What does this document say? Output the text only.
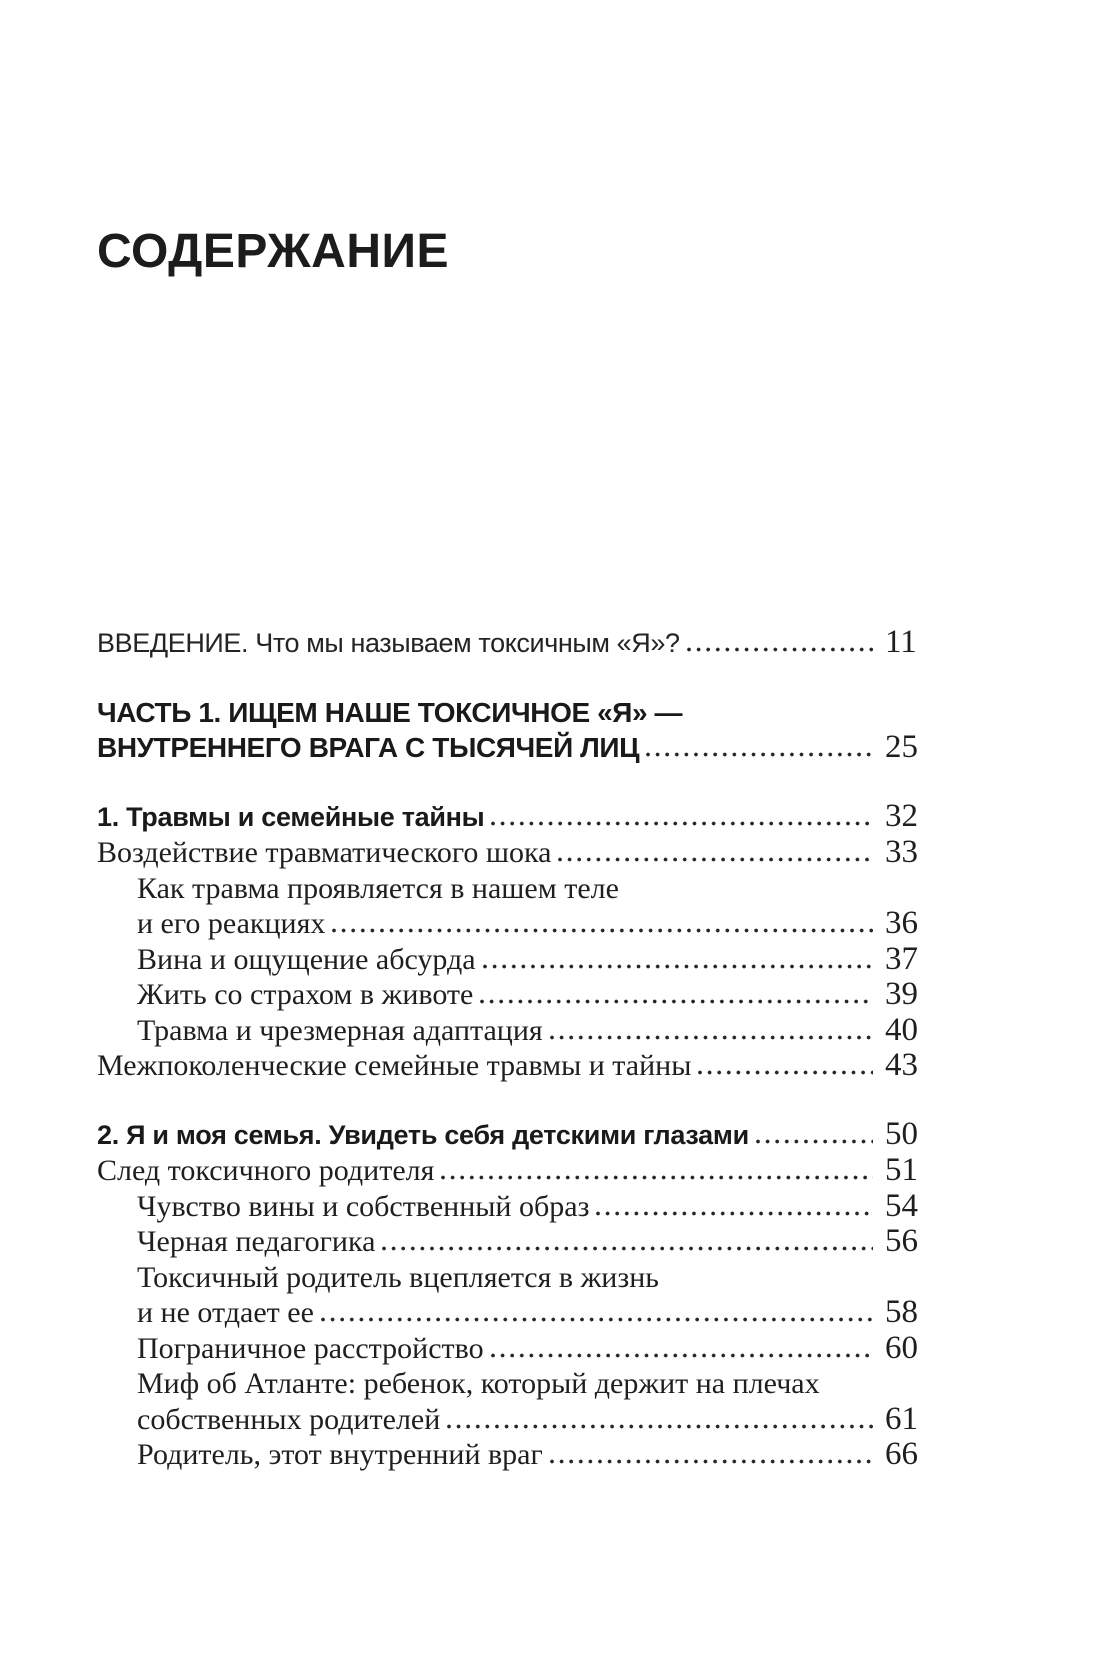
СОДЕРЖАНИЕ
ВВЕДЕНИЕ. Что мы называем токсичным «Я»?	11
ЧАСТЬ 1. ИЩЕМ НАШЕ ТОКСИЧНОЕ «Я» —
ВНУТРЕННЕГО ВРАГА С ТЫСЯЧЕЙ ЛИЦ	25
1. Травмы и семейные тайны	32
Воздействие травматического шока	33
Как травма проявляется в нашем теле
и его реакциях	36
Вина и ощущение абсурда	37
Жить со страхом в животе	39
Травма и чрезмерная адаптация	40
Межпоколенческие семейные травмы и тайны	43
2. Я и моя семья. Увидеть себя детскими глазами	50
След токсичного родителя	51
Чувство вины и собственный образ	54
Черная педагогика	56
Токсичный родитель вцепляется в жизнь
и не отдает ее	58
Пограничное расстройство	60
Миф об Атланте: ребенок, который держит на плечах
собственных родителей	61
Родитель, этот внутренний враг	66
